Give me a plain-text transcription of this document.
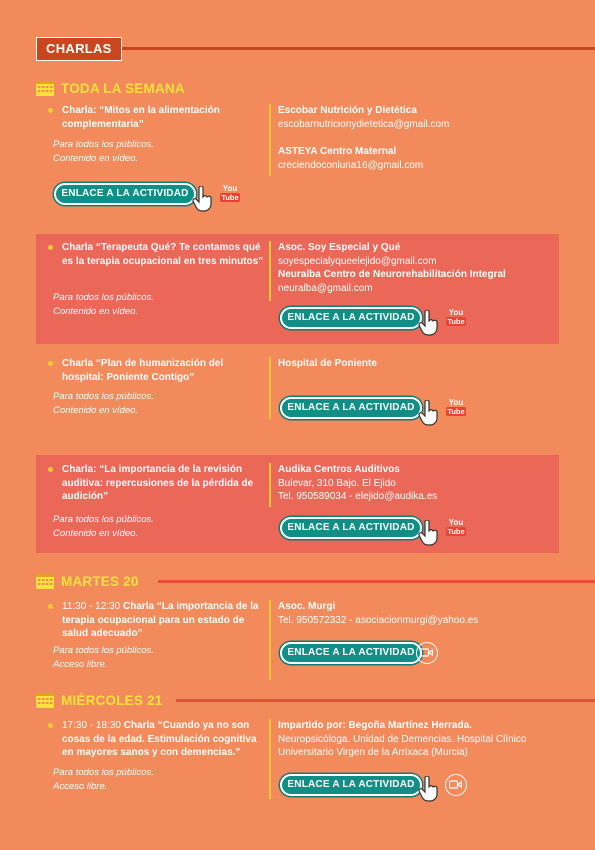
CHARLAS
TODA LA SEMANA
Charla: “Mitos en la alimentación complementaria”
Para todos los públicos.
Contenido en vídeo.
Escobar Nutrición y Dietética
escobarnutricionydietetica@gmail.com
ASTEYA Centro Maternal
creciendoconluna16@gmail.com
ENLACE A LA ACTIVIDAD	You
Tube
Charla “Terapeuta Qué? Te contamos qué es la terapia ocupacional en tres minutos”
Para todos los públicos.
Contenido en vídeo.
Asoc. Soy Especial y Qué
soyespecialyqueelejido@gmail.com
Neuralba Centro de Neurorehabilitación Integral
neuralba@gmail.com
ENLACE A LA ACTIVIDAD	You
Tube
Charla “Plan de humanización del hospital: Poniente Contigo”
Para todos los públicos.
Contenido en vídeo.
Hospital de Poniente
ENLACE A LA ACTIVIDAD	You
Tube
Charla: “La importancia de la revisión auditiva: repercusiones de la pérdida de audición”
Para todos los públicos.
Contenido en vídeo.
Audika Centros Auditivos
Bulevar, 310 Bajo. El Ejido
Tel. 950589034 - elejido@audika.es
ENLACE A LA ACTIVIDAD	You
Tube
MARTES 20
11:30 - 12:30 Charla “La importancia de la terapia ocupacional para un estado de salud adecuado”
Para todos los públicos.
Acceso libre.
Asoc. Murgi
Tel. 950572332 - asociacionmurgi@yahoo.es
ENLACE A LA ACTIVIDAD
MIÉRCOLES 21
17:30 - 18:30 Charla “Cuando ya no son cosas de la edad. Estimulación cognitiva en mayores sanos y con demencias.”
Para todos los públicos.
Acceso libre.
Impartido por: Begoña Martínez Herrada.
Neuropsicóloga. Unidad de Demencias. Hospital Clínico Universitario Virgen de la Arrixaca (Murcia)
ENLACE A LA ACTIVIDAD
